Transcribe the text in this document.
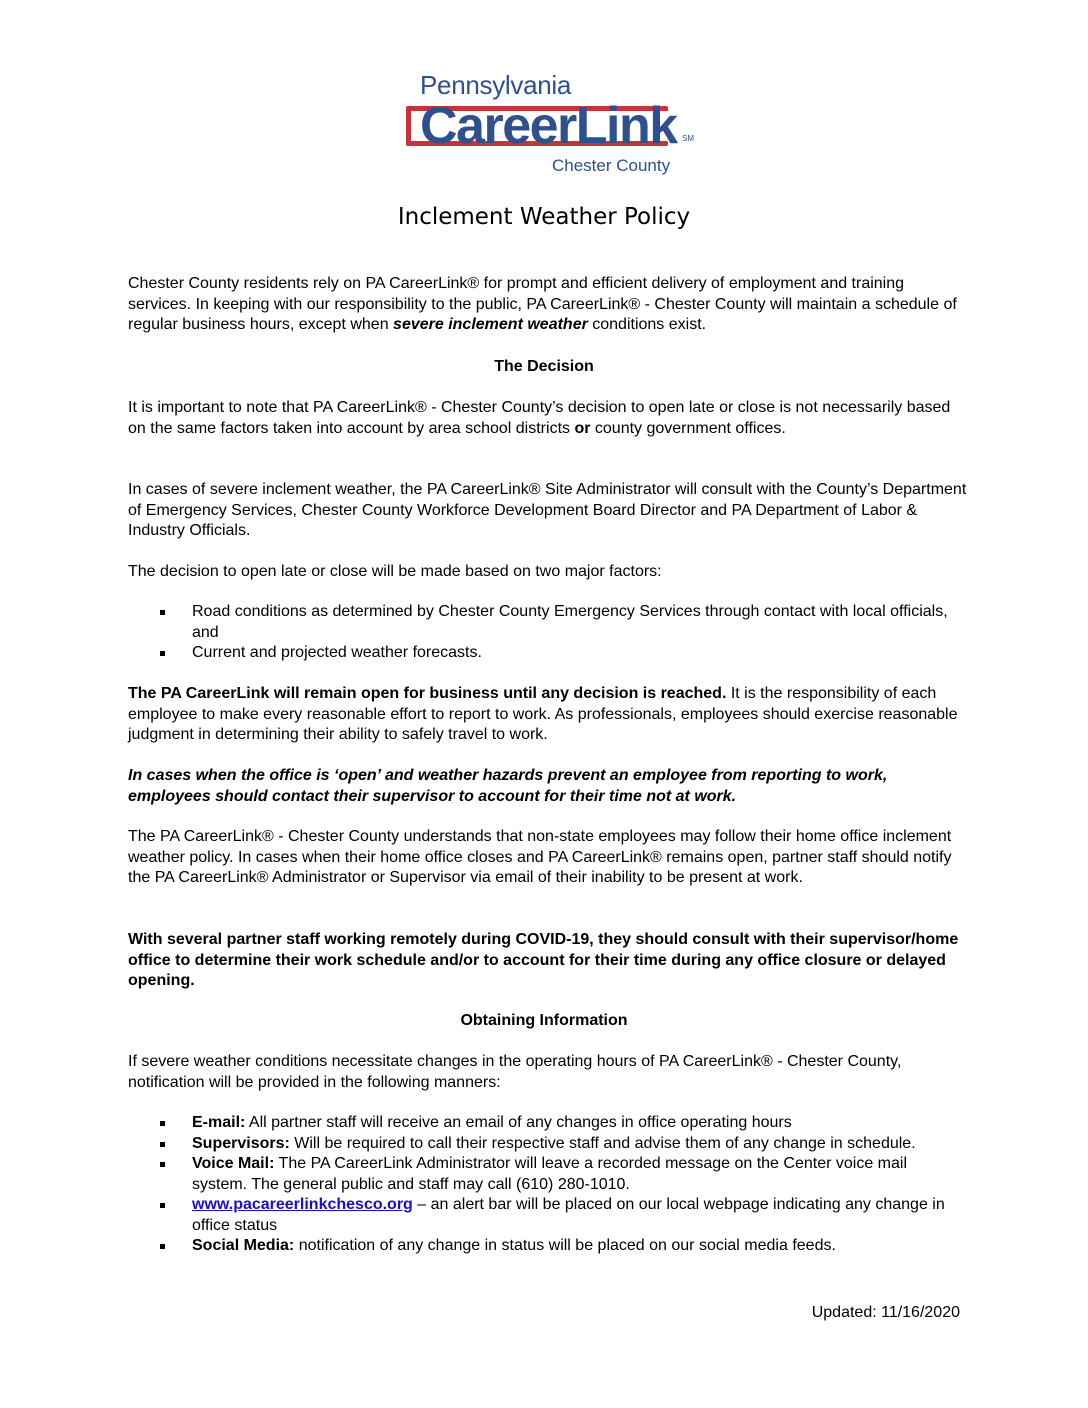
Pennsylvania
CareerLink SM
Chester County
Inclement Weather Policy

Chester County residents rely on PA CareerLink® for prompt and efficient delivery of employment and training services. In keeping with our responsibility to the public, PA CareerLink® - Chester County will maintain a schedule of regular business hours, except when severe inclement weather conditions exist.

The Decision

It is important to note that PA CareerLink® - Chester County’s decision to open late or close is not necessarily based on the same factors taken into account by area school districts or county government offices.

In cases of severe inclement weather, the PA CareerLink® Site Administrator will consult with the County’s Department of Emergency Services, Chester County Workforce Development Board Director and PA Department of Labor & Industry Officials.

The decision to open late or close will be made based on two major factors:

Road conditions as determined by Chester County Emergency Services through contact with local officials, and
Current and projected weather forecasts.

The PA CareerLink will remain open for business until any decision is reached. It is the responsibility of each employee to make every reasonable effort to report to work. As professionals, employees should exercise reasonable judgment in determining their ability to safely travel to work.

In cases when the office is ‘open’ and weather hazards prevent an employee from reporting to work, employees should contact their supervisor to account for their time not at work.

The PA CareerLink® - Chester County understands that non-state employees may follow their home office inclement weather policy. In cases when their home office closes and PA CareerLink® remains open, partner staff should notify the PA CareerLink® Administrator or Supervisor via email of their inability to be present at work.

With several partner staff working remotely during COVID-19, they should consult with their supervisor/home office to determine their work schedule and/or to account for their time during any office closure or delayed opening.

Obtaining Information

If severe weather conditions necessitate changes in the operating hours of PA CareerLink® - Chester County, notification will be provided in the following manners:

E-mail: All partner staff will receive an email of any changes in office operating hours
Supervisors: Will be required to call their respective staff and advise them of any change in schedule.
Voice Mail: The PA CareerLink Administrator will leave a recorded message on the Center voice mail system. The general public and staff may call (610) 280-1010.
www.pacareerlinkchesco.org – an alert bar will be placed on our local webpage indicating any change in office status
Social Media: notification of any change in status will be placed on our social media feeds.
Updated: 11/16/2020
